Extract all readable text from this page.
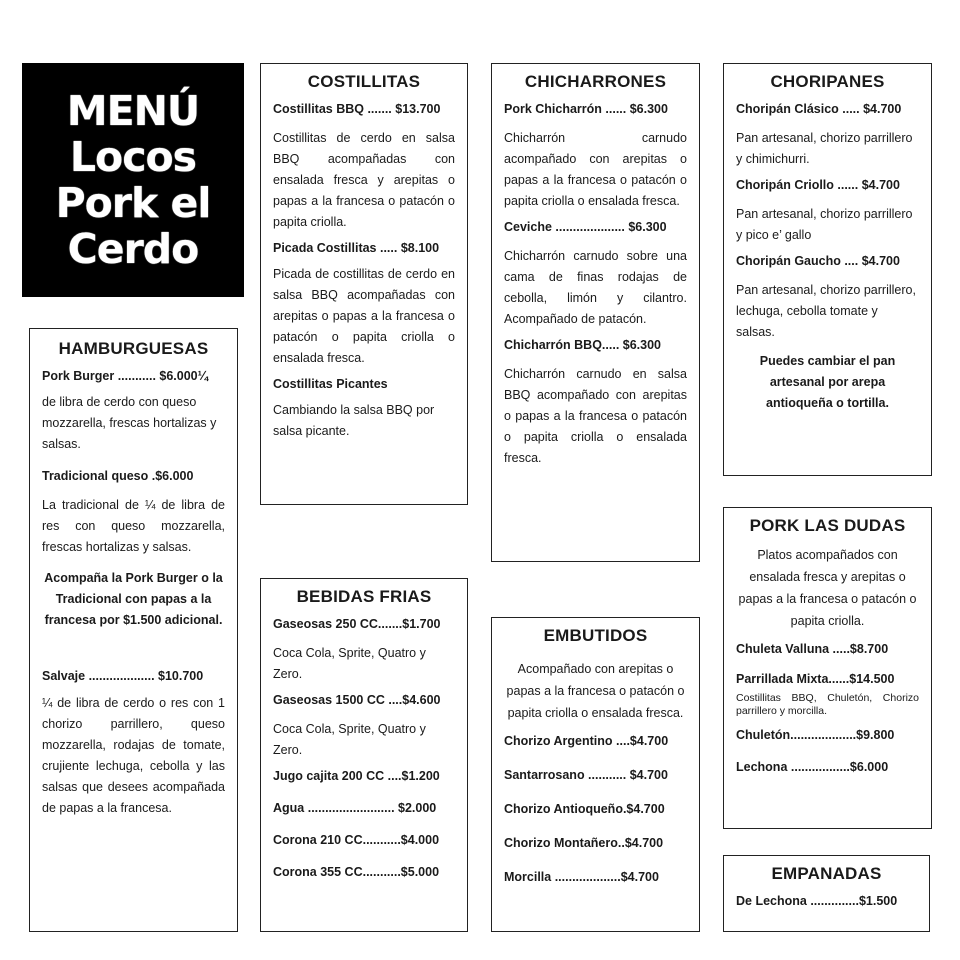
MENÚ
Locos
Pork el
Cerdo
HAMBURGUESAS
Pork Burger ........... $6.000¼

de libra de cerdo con queso mozzarella, frescas hortalizas y salsas.

Tradicional queso .$6.000

La tradicional de ¼ de libra de res con queso mozzarella, frescas hortalizas y salsas.

Acompaña la Pork Burger o la Tradicional con papas a la francesa por $1.500 adicional.

Salvaje ................... $10.700

¼ de libra de cerdo o res con 1 chorizo parrillero, queso mozzarella, rodajas de tomate, crujiente lechuga, cebolla y las salsas que desees acompañada de papas a la francesa.

COSTILLITAS
Costillitas BBQ ....... $13.700

Costillitas de cerdo en salsa BBQ acompañadas con ensalada fresca y arepitas o papas a la francesa o patacón o papita criolla.

Picada Costillitas ..... $8.100

Picada de costillitas de cerdo en salsa BBQ acompañadas con arepitas o papas a la francesa o patacón o papita criolla o ensalada fresca.

Costillitas Picantes

Cambiando la salsa BBQ por salsa picante.

CHICHARRONES
Pork Chicharrón ...... $6.300

Chicharrón carnudo acompañado con arepitas o papas a la francesa o patacón o papita criolla o ensalada fresca.

Ceviche .................... $6.300

Chicharrón carnudo sobre una cama de finas rodajas de cebolla, limón y cilantro. Acompañado de patacón.

Chicharrón BBQ..... $6.300

Chicharrón carnudo en salsa BBQ acompañado con arepitas o papas a la francesa o patacón o papita criolla o ensalada fresca.

CHORIPANES
Choripán Clásico ..... $4.700

Pan artesanal, chorizo parrillero y chimichurri.

Choripán Criollo ...... $4.700

Pan artesanal, chorizo parrillero y pico e’ gallo

Choripán Gaucho .... $4.700

Pan artesanal, chorizo parrillero, lechuga, cebolla tomate y salsas.

Puedes cambiar el pan artesanal por arepa antioqueña o tortilla.

BEBIDAS FRIAS
Gaseosas 250 CC.......$1.700

Coca Cola, Sprite, Quatro y Zero.

Gaseosas 1500 CC ....$4.600

Coca Cola, Sprite, Quatro y Zero.

Jugo cajita 200 CC ....$1.200
Agua ......................... $2.000
Corona 210 CC...........$4.000
Corona 355 CC...........$5.000
EMBUTIDOS

Acompañado con arepitas o papas a la francesa o patacón o papita criolla o ensalada fresca.

Chorizo Argentino ....$4.700
Santarrosano ........... $4.700
Chorizo Antioqueño.$4.700
Chorizo Montañero..$4.700
Morcilla ...................$4.700
PORK LAS DUDAS

Platos acompañados con ensalada fresca y arepitas o papas a la francesa o patacón o papita criolla.

Chuleta Valluna .....$8.700
Parrillada Mixta......$14.500

Costillitas BBQ, Chuletón, Chorizo parrillero y morcilla.

Chuletón...................$9.800
Lechona .................$6.000
EMPANADAS
De Lechona ..............$1.500
